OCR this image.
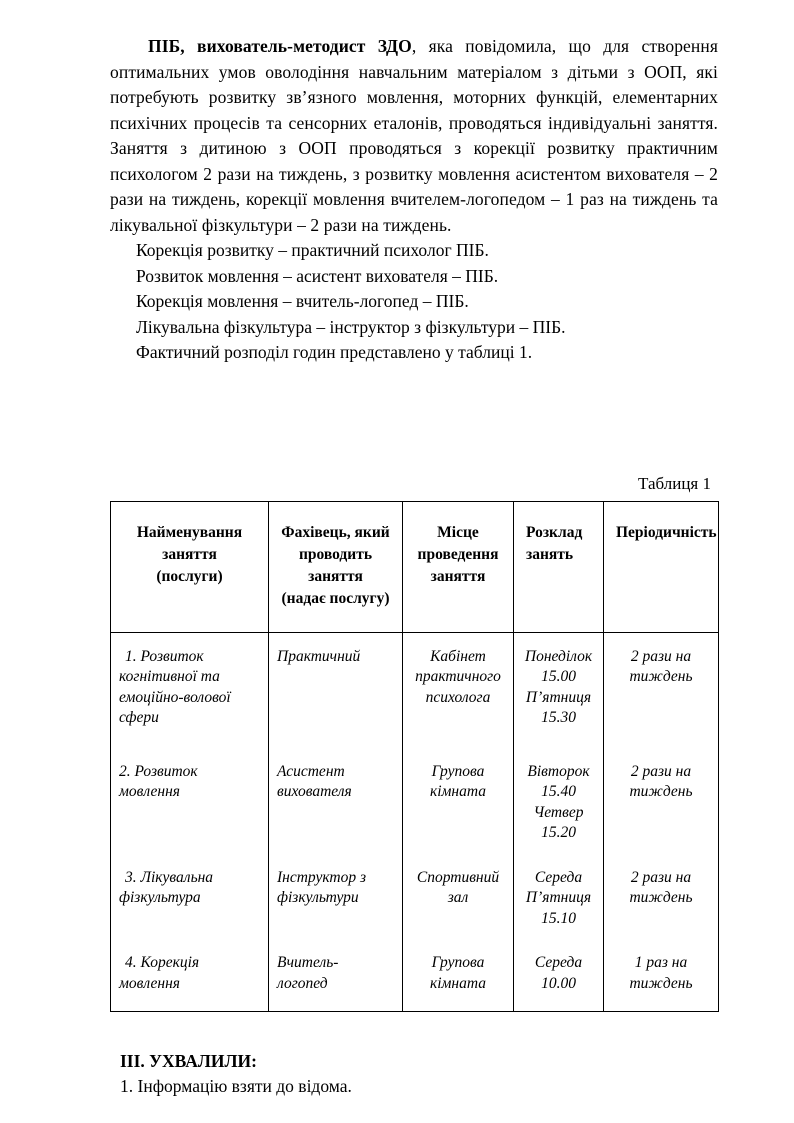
ПІБ, вихователь-методист ЗДО, яка повідомила, що для створення оптимальних умов оволодіння навчальним матеріалом з дітьми з ООП, які потребують розвитку зв’язного мовлення, моторних функцій, елементарних психічних процесів та сенсорних еталонів, проводяться індивідуальні заняття. Заняття з дитиною з ООП проводяться з корекції розвитку практичним психологом 2 рази на тиждень, з розвитку мовлення асистентом вихователя – 2 рази на тиждень, корекції мовлення вчителем-логопедом – 1 раз на тиждень та лікувальної фізкультури – 2 рази на тиждень.

Корекція розвитку – практичний психолог ПІБ.

Розвиток мовлення – асистент вихователя – ПІБ.

Корекція мовлення – вчитель-логопед – ПІБ.

Лікувальна фізкультура – інструктор з фізкультури – ПІБ.

Фактичний розподіл годин представлено у таблиці 1.

Таблиця 1
Найменування
заняття
(послуги)	Фахівець, який
проводить
заняття
(надає послугу)	Місце
проведення
заняття	Розклад
занять	Періодичність

1. Розвиток
когнітивної та
емоційно-волової
сфери	Практичний	Кабінет
практичного
психолога	Понеділок
15.00
П’ятниця
15.30	2 рази на
тиждень

2. Розвиток
мовлення	Асистент
вихователя	Групова
кімната	Вівторок
15.40
Четвер
15.20	2 рази на
тиждень

3. Лікувальна
фізкультура	Інструктор з
фізкультури	Спортивний
зал	Середа
П’ятниця
15.10	2 рази на
тиждень

4. Корекція
мовлення	Вчитель-
логопед	Групова
кімната	Середа
10.00	1 раз на
тиждень

III. УХВАЛИЛИ:

1. Інформацію взяти до відома.
